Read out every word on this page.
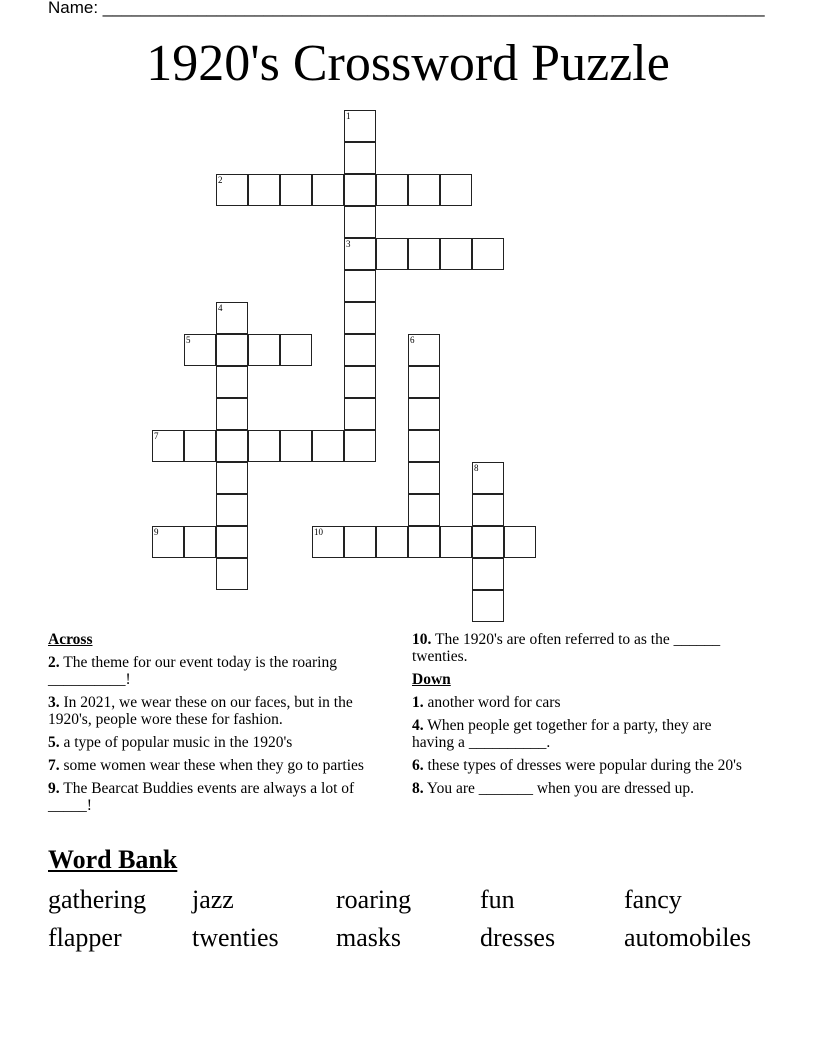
Name: ______________________________________________________________________
1920's Crossword Puzzle
1
3
2
4
5	6
7
8
9	10
Across
2. The theme for our event today is the roaring __________!
3. In 2021, we wear these on our faces, but in the 1920's, people wore these for fashion.
5. a type of popular music in the 1920's
7. some women wear these when they go to parties
9. The Bearcat Buddies events are always a lot of _____!
10. The 1920's are often referred to as the ______ twenties.
Down
1. another word for cars
4. When people get together for a party, they are having a __________.
6. these types of dresses were popular during the 20's
8. You are _______ when you are dressed up.
Word Bank
gathering	jazz	roaring	fun	fancy
flapper	twenties	masks	dresses	automobiles
